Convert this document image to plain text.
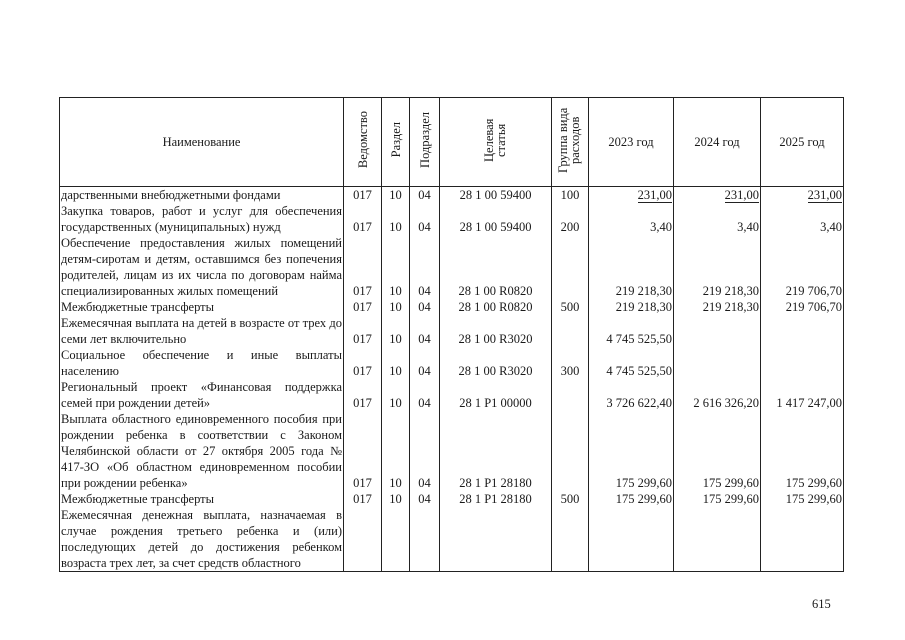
Наименование	Ведомство	Раздел	Подраздел	Целевая статья	Группа вида расходов	2023 год	2024 год	2025 год
дарственными внебюджетными фондами	017	10	04	28 1 00 59400	100	231,00	231,00	231,00
Закупка товаров, работ и услуг для обеспечения государственных (муниципальных) нужд	017	10	04	28 1 00 59400	200	3,40	3,40	3,40
Обеспечение предоставления жилых помещений детям-сиротам и детям, оставшимся без попечения родителей, лицам из их числа по договорам найма специализированных жилых помещений	017	10	04	28 1 00 R0820		219 218,30	219 218,30	219 706,70
Межбюджетные трансферты	017	10	04	28 1 00 R0820	500	219 218,30	219 218,30	219 706,70
Ежемесячная выплата на детей в возрасте от трех до семи лет включительно	017	10	04	28 1 00 R3020		4 745 525,50		
Социальное обеспечение и иные выплаты населению	017	10	04	28 1 00 R3020	300	4 745 525,50		
Региональный проект «Финансовая поддержка семей при рождении детей»	017	10	04	28 1 P1 00000		3 726 622,40	2 616 326,20	1 417 247,00
Выплата областного единовременного пособия при рождении ребенка в соответствии с Законом Челябинской области от 27 октября 2005 года № 417-ЗО «Об областном единовременном пособии при рождении ребенка»	017	10	04	28 1 P1 28180		175 299,60	175 299,60	175 299,60
Межбюджетные трансферты	017	10	04	28 1 P1 28180	500	175 299,60	175 299,60	175 299,60
Ежемесячная денежная выплата, назначаемая в случае рождения третьего ребенка и (или) последующих детей до достижения ребенком возраста трех лет, за счет средств областного								
615
